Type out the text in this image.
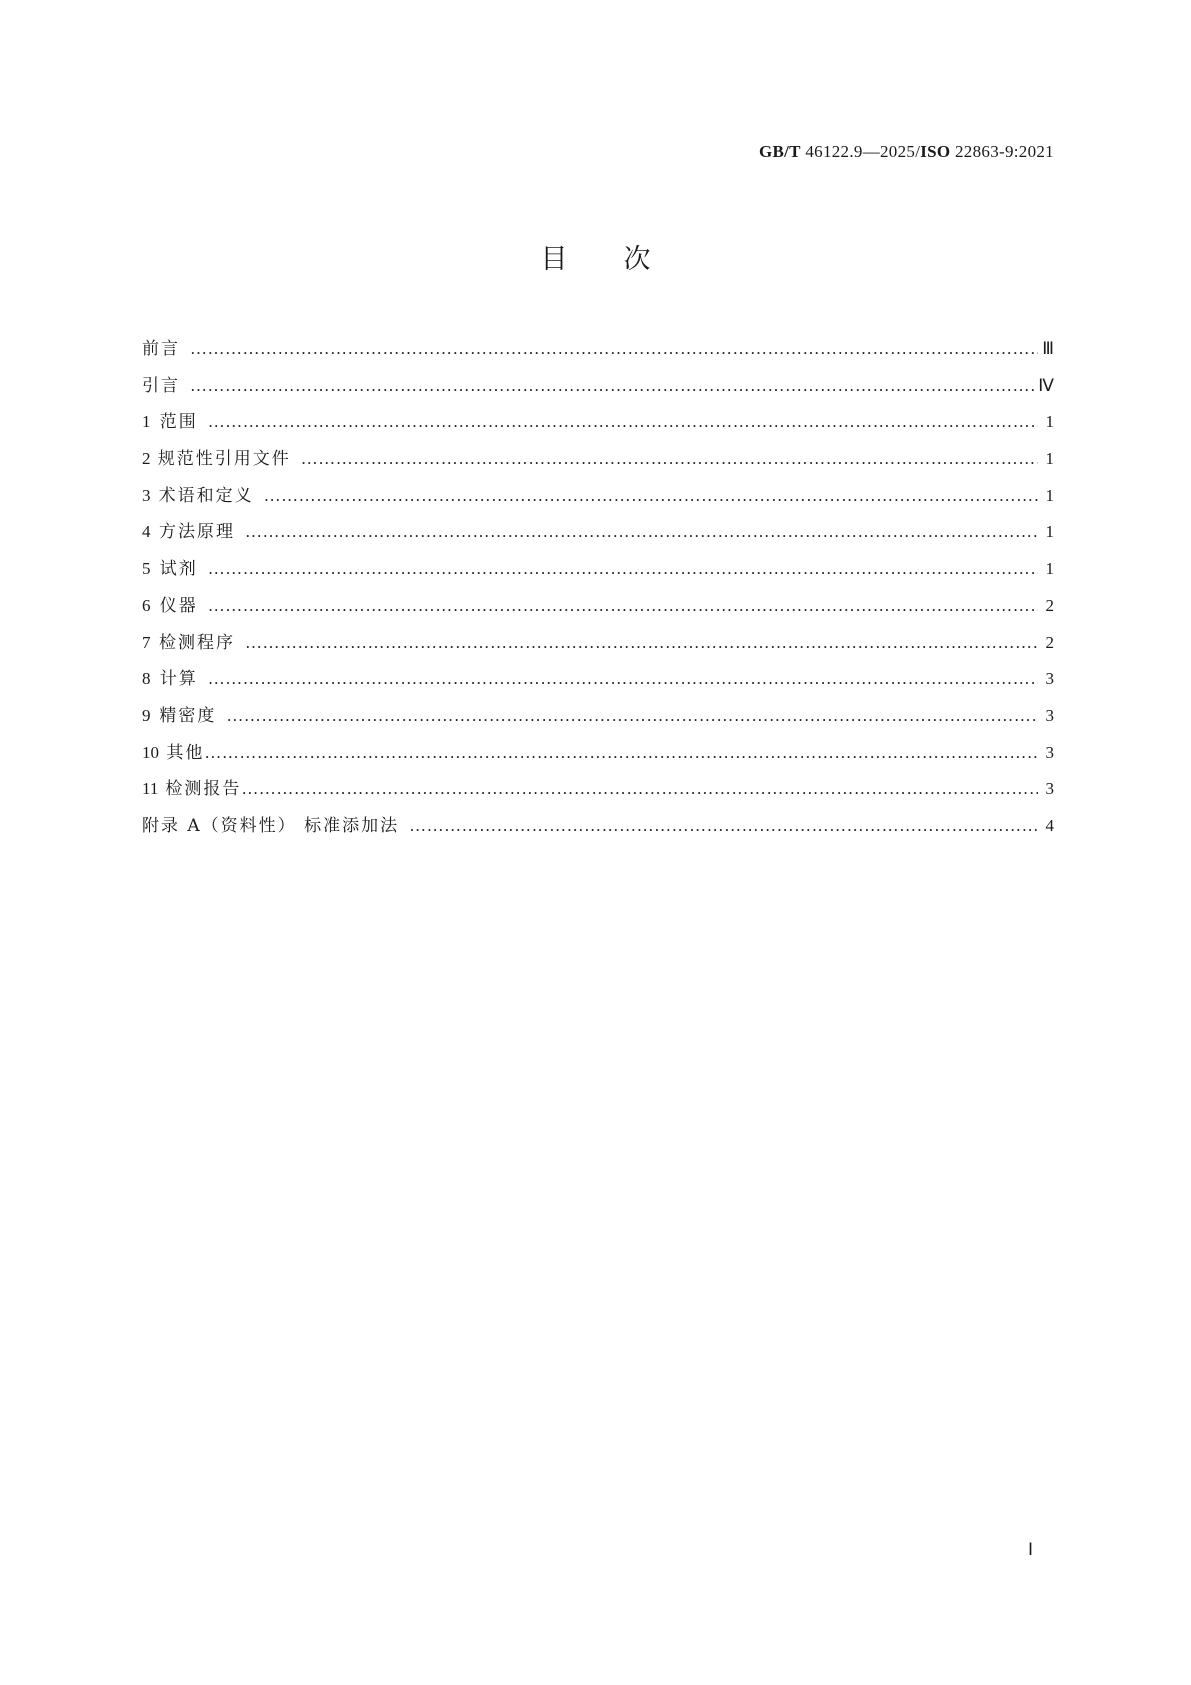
GB/T 46122.9—2025/ISO 22863-9:2021
目 次
前言 ……………………………………………………………………………………………………………………………………………………………………………………………………………………	Ⅲ
引言 ……………………………………………………………………………………………………………………………………………………………………………………………………………………	Ⅳ
1 范围 ……………………………………………………………………………………………………………………………………………………………………………………………………………………	1
2 规范性引用文件 ……………………………………………………………………………………………………………………………………………………………………………………………………………………	1
3 术语和定义 ……………………………………………………………………………………………………………………………………………………………………………………………………………………	1
4 方法原理 ……………………………………………………………………………………………………………………………………………………………………………………………………………………	1
5 试剂 ……………………………………………………………………………………………………………………………………………………………………………………………………………………	1
6 仪器 ……………………………………………………………………………………………………………………………………………………………………………………………………………………	2
7 检测程序 ……………………………………………………………………………………………………………………………………………………………………………………………………………………	2
8 计算 ……………………………………………………………………………………………………………………………………………………………………………………………………………………	3
9 精密度 ……………………………………………………………………………………………………………………………………………………………………………………………………………………	3
10 其他 ……………………………………………………………………………………………………………………………………………………………………………………………………………………	3
11 检测报告 ……………………………………………………………………………………………………………………………………………………………………………………………………………………	3
附录 A（资料性） 标准添加法 ……………………………………………………………………………………………………………………………………………………………………………………………………………………	4
Ⅰ
